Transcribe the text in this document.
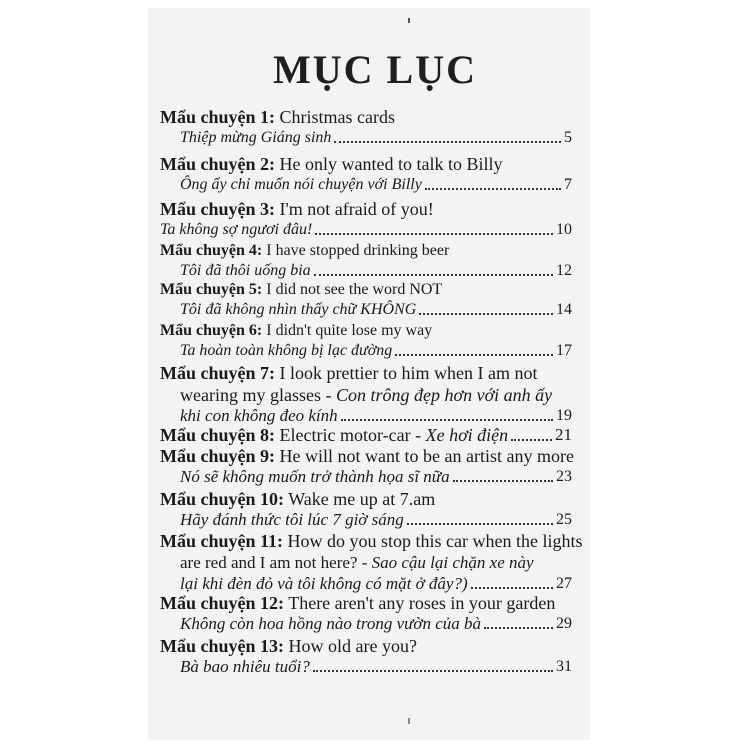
MỤC LỤC
Mẩu chuyện 1: Christmas cards
Thiệp mừng Giáng sinh	5
Mẩu chuyện 2: He only wanted to talk to Billy
Ông ấy chỉ muốn nói chuyện với Billy	7
Mẩu chuyện 3: I'm not afraid of you!
Ta không sợ ngươi đâu!	10
Mẩu chuyện 4: I have stopped drinking beer
Tôi đã thôi uống bia	12
Mẩu chuyện 5: I did not see the word NOT
Tôi đã không nhìn thấy chữ KHÔNG	14
Mẩu chuyện 6: I didn't quite lose my way
Ta hoàn toàn không bị lạc đường	17
Mẩu chuyện 7: I look prettier to him when I am not
wearing my glasses - Con trông đẹp hơn với anh ấy
khi con không đeo kính	19
Mẩu chuyện 8:
Electric motor-car -
Xe hơi điện	21
Mẩu chuyện 9: He will not want to be an artist any more
Nó sẽ không muốn trở thành họa sĩ nữa	23
Mẩu chuyện 10: Wake me up at 7.am
Hãy đánh thức tôi lúc 7 giờ sáng	25
Mẩu chuyện 11: How do you stop this car when the lights
are red and I am not here? - Sao cậu lại chặn xe này
lại khi đèn đỏ và tôi không có mặt ở đây?)	27
Mẩu chuyện 12: There aren't any roses in your garden
Không còn hoa hồng nào trong vườn của bà	29
Mẩu chuyện 13: How old are you?
Bà bao nhiêu tuổi?	31
